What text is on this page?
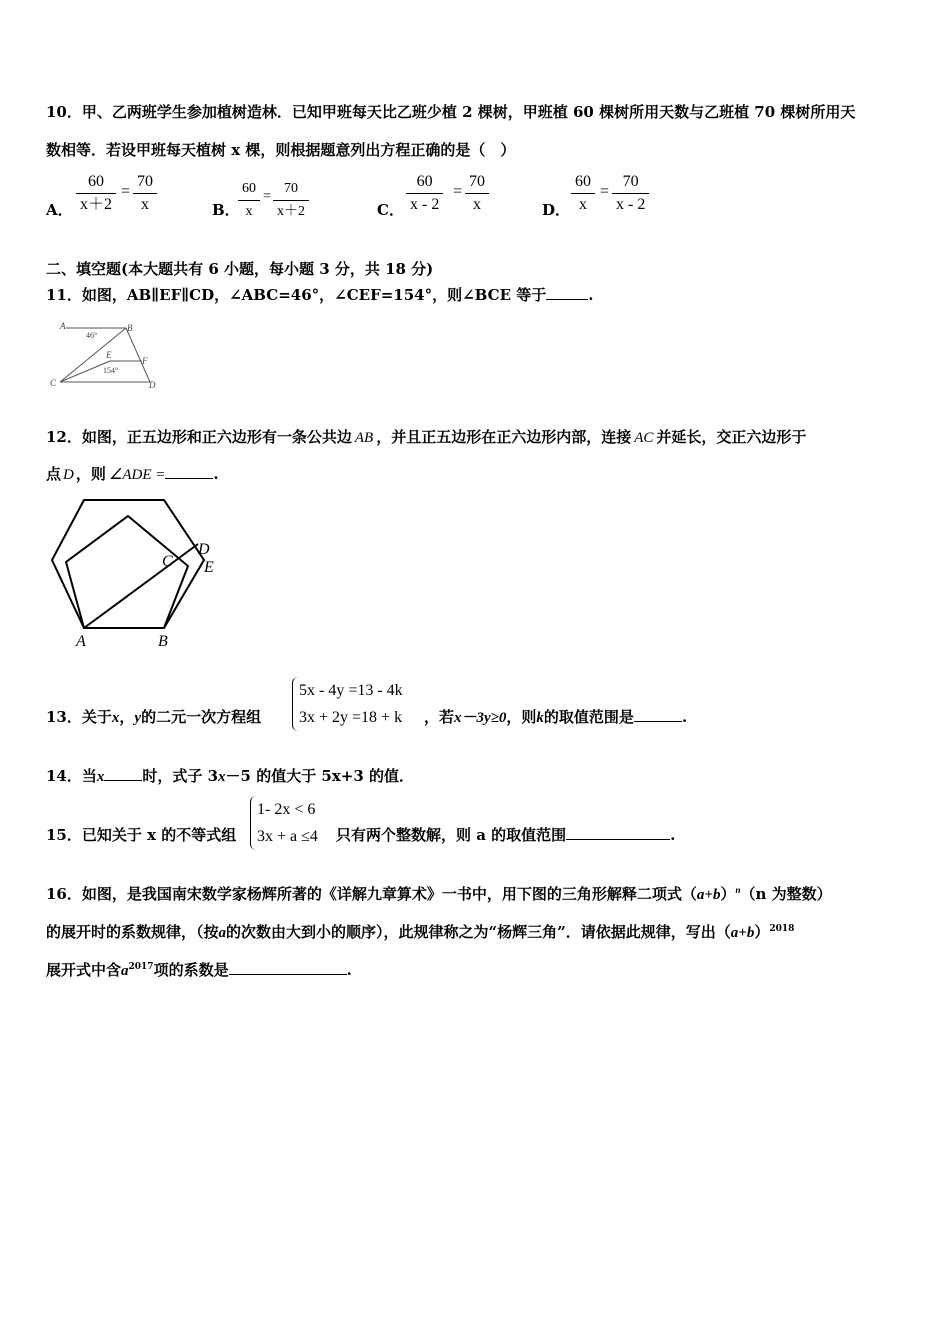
10．甲、乙两班学生参加植树造林．已知甲班每天比乙班少植 2 棵树，甲班植 60 棵树所用天数与乙班植 70 棵树所用天
数相等．若设甲班每天植树 x 棵，则根据题意列出方程正确的是（　）
A． $\frac{60}{x+2} = \frac{70}{x}$	B．
$\frac{60}{x} = \frac{70}{x+2}$	C． $\frac{60}{x - 2} = \frac{70}{x}$	D． $\frac{60}{x} = \frac{70}{x - 2}$
二、填空题(本大题共有 6 小题，每小题 3 分，共 18 分)
11．如图，AB∥EF∥CD，∠ABC=46°，∠CEF=154°，则∠BCE 等于	.
A	B
C	D
E
F
46°
154°
12．如图，正五边形和正六边形有一条公共边 AB ，并且正五边形在正六边形内部，连接 AC 并延长，交正六边形于
点 D ，则 ∠ADE =	.
A	B
C
D
E
13．关于x，y的二元一次方程组
5x - 4y =13 - 4k
3x + 2y =18 + k ，若x－3y≥0，则k的取值范围是	.
14．当x	时，式子 3x－5 的值大于 5x+3 的值．
15．已知关于 x 的不等式组
1- 2x < 6
3x + a ≤4 只有两个整数解，则 a 的取值范围	.
16．如图，是我国南宋数学家杨辉所著的《详解九章算术》一书中，用下图的三角形解释二项式$(a+b)^n(n$ 为整数）
的展开时的系数规律，（按a的次数由大到小的顺序），此规律称之为“杨辉三角”．请依据此规律，写出$(a+b)^{2018}$
展开式中含$a^{2017}$项的系数是	.
